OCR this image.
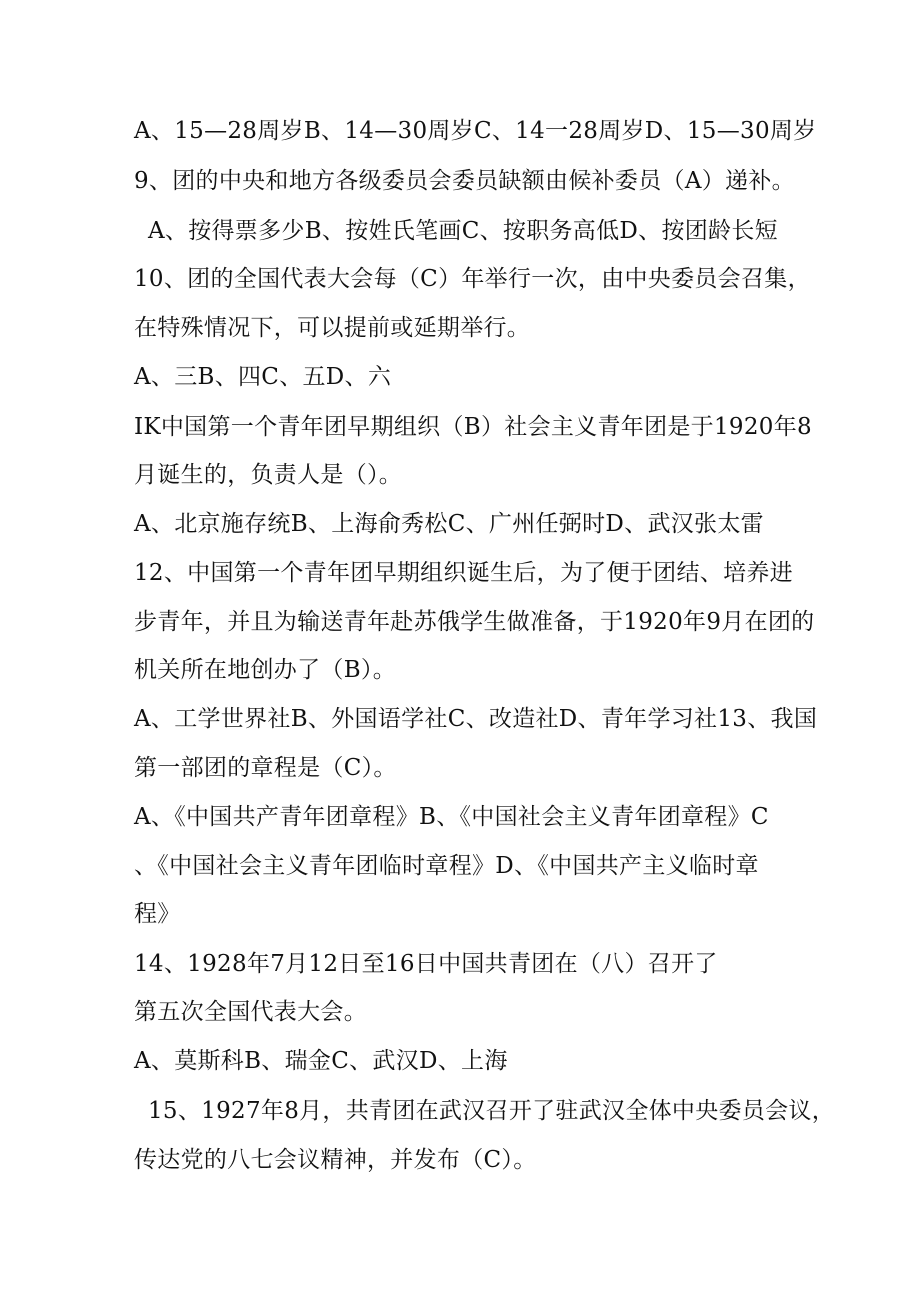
A、15—28周岁B、14—30周岁C、14一28周岁D、15—30周岁

9、团的中央和地方各级委员会委员缺额由候补委员（A）递补。

A、按得票多少B、按姓氏笔画C、按职务高低D、按团龄长短

10、团的全国代表大会每（C）年举行一次，由中央委员会召集，

在特殊情况下，可以提前或延期举行。

A、三B、四C、五D、六

IK中国第一个青年团早期组织（B）社会主义青年团是于1920年8

月诞生的，负责人是（）。

A、北京施存统B、上海俞秀松C、广州任弼时D、武汉张太雷

12、中国第一个青年团早期组织诞生后，为了便于团结、培养进

步青年，并且为输送青年赴苏俄学生做准备，于1920年9月在团的

机关所在地创办了（B）。

A、工学世界社B、外国语学社C、改造社D、青年学习社13、我国

第一部团的章程是（C）。

A、《中国共产青年团章程》B、《中国社会主义青年团章程》C

、《中国社会主义青年团临时章程》D、《中国共产主义临时章

程》

14、1928年7月12日至16日中国共青团在（八）召开了

第五次全国代表大会。

A、莫斯科B、瑞金C、武汉D、上海

15、1927年8月，共青团在武汉召开了驻武汉全体中央委员会议，

传达党的八七会议精神，并发布（C）。
